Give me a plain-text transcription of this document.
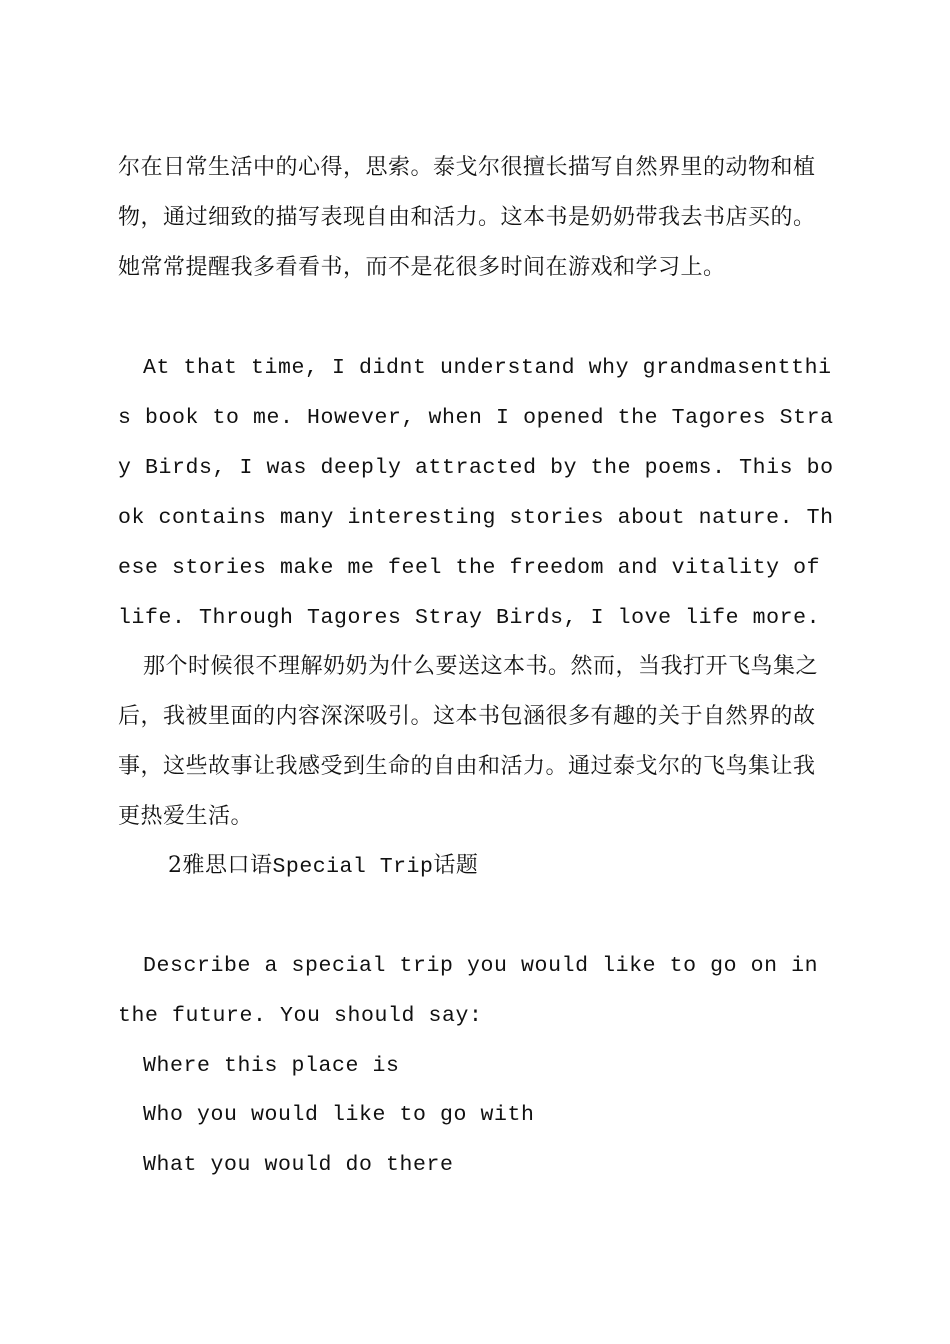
尔在日常生活中的心得，思索。泰戈尔很擅长描写自然界里的动物和植物，通过细致的描写表现自由和活力。这本书是奶奶带我去书店买的。她常常提醒我多看看书，而不是花很多时间在游戏和学习上。
At that time, I didnt understand why grandmasentthis book to me. However, when I opened the Tagores Stray Birds, I was deeply attracted by the poems. This book contains many interesting stories about nature. These stories make me feel the freedom and vitality of life. Through Tagores Stray Birds, I love life more.
那个时候很不理解奶奶为什么要送这本书。然而，当我打开飞鸟集之后，我被里面的内容深深吸引。这本书包涵很多有趣的关于自然界的故事，这些故事让我感受到生命的自由和活力。通过泰戈尔的飞鸟集让我更热爱生活。
2雅思口语Special Trip话题
Describe a special trip you would like to go on in the future. You should say:
Where this place is
Who you would like to go with
What you would do there
